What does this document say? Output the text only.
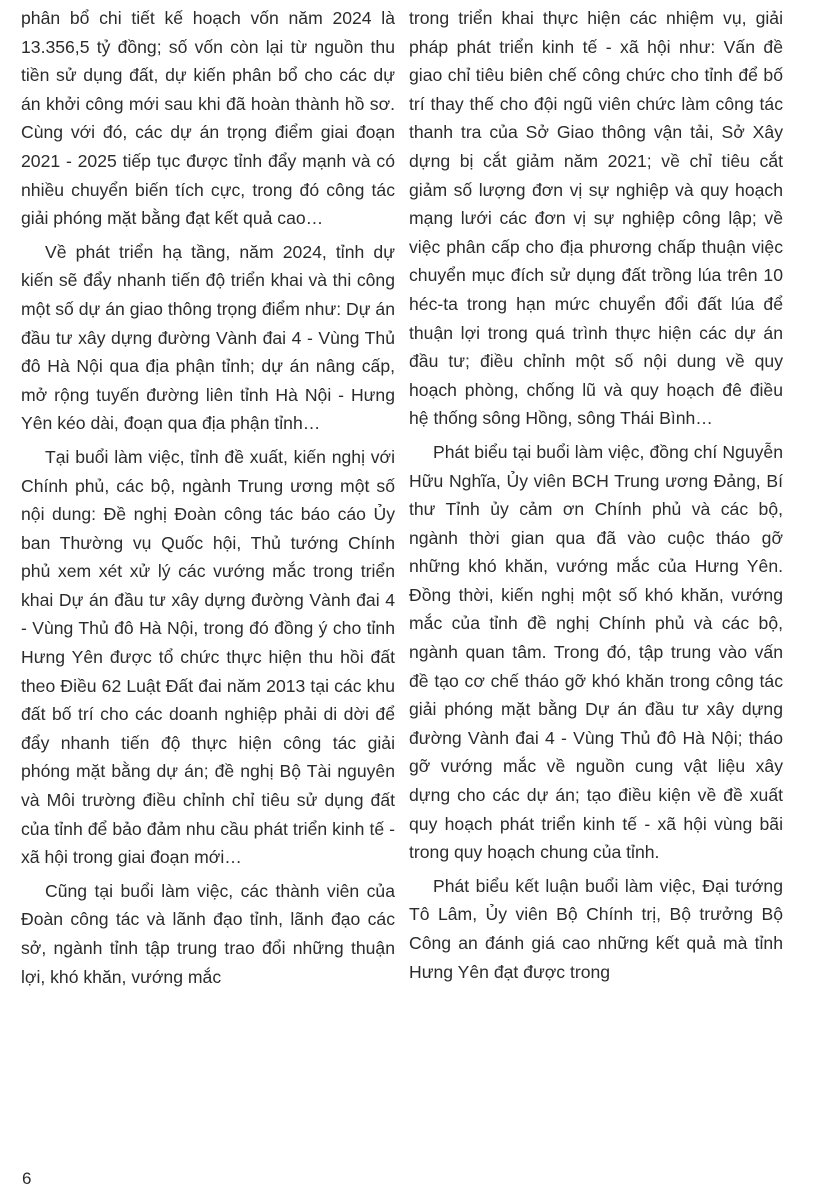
phân bổ chi tiết kế hoạch vốn năm 2024 là 13.356,5 tỷ đồng; số vốn còn lại từ nguồn thu tiền sử dụng đất, dự kiến phân bổ cho các dự án khởi công mới sau khi đã hoàn thành hồ sơ. Cùng với đó, các dự án trọng điểm giai đoạn 2021 - 2025 tiếp tục được tỉnh đẩy mạnh và có nhiều chuyển biến tích cực, trong đó công tác giải phóng mặt bằng đạt kết quả cao…

Về phát triển hạ tầng, năm 2024, tỉnh dự kiến sẽ đẩy nhanh tiến độ triển khai và thi công một số dự án giao thông trọng điểm như: Dự án đầu tư xây dựng đường Vành đai 4 - Vùng Thủ đô Hà Nội qua địa phận tỉnh; dự án nâng cấp, mở rộng tuyến đường liên tỉnh Hà Nội - Hưng Yên kéo dài, đoạn qua địa phận tỉnh…

Tại buổi làm việc, tỉnh đề xuất, kiến nghị với Chính phủ, các bộ, ngành Trung ương một số nội dung: Đề nghị Đoàn công tác báo cáo Ủy ban Thường vụ Quốc hội, Thủ tướng Chính phủ xem xét xử lý các vướng mắc trong triển khai Dự án đầu tư xây dựng đường Vành đai 4 - Vùng Thủ đô Hà Nội, trong đó đồng ý cho tỉnh Hưng Yên được tổ chức thực hiện thu hồi đất theo Điều 62 Luật Đất đai năm 2013 tại các khu đất bố trí cho các doanh nghiệp phải di dời để đẩy nhanh tiến độ thực hiện công tác giải phóng mặt bằng dự án; đề nghị Bộ Tài nguyên và Môi trường điều chỉnh chỉ tiêu sử dụng đất của tỉnh để bảo đảm nhu cầu phát triển kinh tế - xã hội trong giai đoạn mới…

Cũng tại buổi làm việc, các thành viên của Đoàn công tác và lãnh đạo tỉnh, lãnh đạo các sở, ngành tỉnh tập trung trao đổi những thuận lợi, khó khăn, vướng mắc

trong triển khai thực hiện các nhiệm vụ, giải pháp phát triển kinh tế - xã hội như: Vấn đề giao chỉ tiêu biên chế công chức cho tỉnh để bố trí thay thế cho đội ngũ viên chức làm công tác thanh tra của Sở Giao thông vận tải, Sở Xây dựng bị cắt giảm năm 2021; về chỉ tiêu cắt giảm số lượng đơn vị sự nghiệp và quy hoạch mạng lưới các đơn vị sự nghiệp công lập; về việc phân cấp cho địa phương chấp thuận việc chuyển mục đích sử dụng đất trồng lúa trên 10 héc-ta trong hạn mức chuyển đổi đất lúa để thuận lợi trong quá trình thực hiện các dự án đầu tư; điều chỉnh một số nội dung về quy hoạch phòng, chống lũ và quy hoạch đê điều hệ thống sông Hồng, sông Thái Bình…

Phát biểu tại buổi làm việc, đồng chí Nguyễn Hữu Nghĩa, Ủy viên BCH Trung ương Đảng, Bí thư Tỉnh ủy cảm ơn Chính phủ và các bộ, ngành thời gian qua đã vào cuộc tháo gỡ những khó khăn, vướng mắc của Hưng Yên. Đồng thời, kiến nghị một số khó khăn, vướng mắc của tỉnh đề nghị Chính phủ và các bộ, ngành quan tâm. Trong đó, tập trung vào vấn đề tạo cơ chế tháo gỡ khó khăn trong công tác giải phóng mặt bằng Dự án đầu tư xây dựng đường Vành đai 4 - Vùng Thủ đô Hà Nội; tháo gỡ vướng mắc về nguồn cung vật liệu xây dựng cho các dự án; tạo điều kiện về đề xuất quy hoạch phát triển kinh tế - xã hội vùng bãi trong quy hoạch chung của tỉnh.

Phát biểu kết luận buổi làm việc, Đại tướng Tô Lâm, Ủy viên Bộ Chính trị, Bộ trưởng Bộ Công an đánh giá cao những kết quả mà tỉnh Hưng Yên đạt được trong

6
